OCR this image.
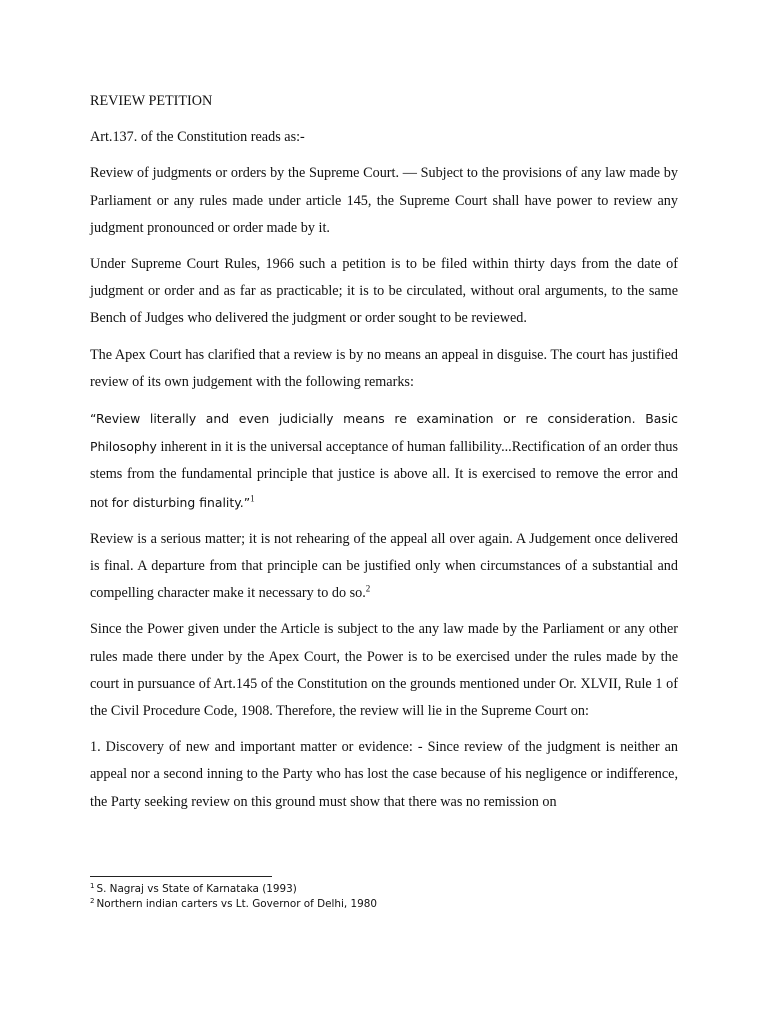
REVIEW PETITION

Art.137. of the Constitution reads as:-

Review of judgments or orders by the Supreme Court. — Subject to the provisions of any law made by Parliament or any rules made under article 145, the Supreme Court shall have power to review any judgment pronounced or order made by it.

Under Supreme Court Rules, 1966 such a petition is to be filed within thirty days from the date of judgment or order and as far as practicable; it is to be circulated, without oral arguments, to the same Bench of Judges who delivered the judgment or order sought to be reviewed.

The Apex Court has clarified that a review is by no means an appeal in disguise. The court has justified review of its own judgement with the following remarks:

“Review literally and even judicially means re examination or re consideration. Basic Philosophy inherent in it is the universal acceptance of human fallibility...Rectification of an order thus stems from the fundamental principle that justice is above all. It is exercised to remove the error and not for disturbing finality.”$^1$

Review is a serious matter; it is not rehearing of the appeal all over again. A Judgement once delivered is final. A departure from that principle can be justified only when circumstances of a substantial and compelling character make it necessary to do so.$^2$

Since the Power given under the Article is subject to the any law made by the Parliament or any other rules made there under by the Apex Court, the Power is to be exercised under the rules made by the court in pursuance of Art.145 of the Constitution on the grounds mentioned under Or. XLVII, Rule 1 of the Civil Procedure Code, 1908. Therefore, the review will lie in the Supreme Court on:

1. Discovery of new and important matter or evidence: - Since review of the judgment is neither an appeal nor a second inning to the Party who has lost the case because of his negligence or indifference, the Party seeking review on this ground must show that there was no remission on

$^1$ S. Nagraj vs State of Karnataka (1993)
$^2$ Northern indian carters vs Lt. Governor of Delhi, 1980
